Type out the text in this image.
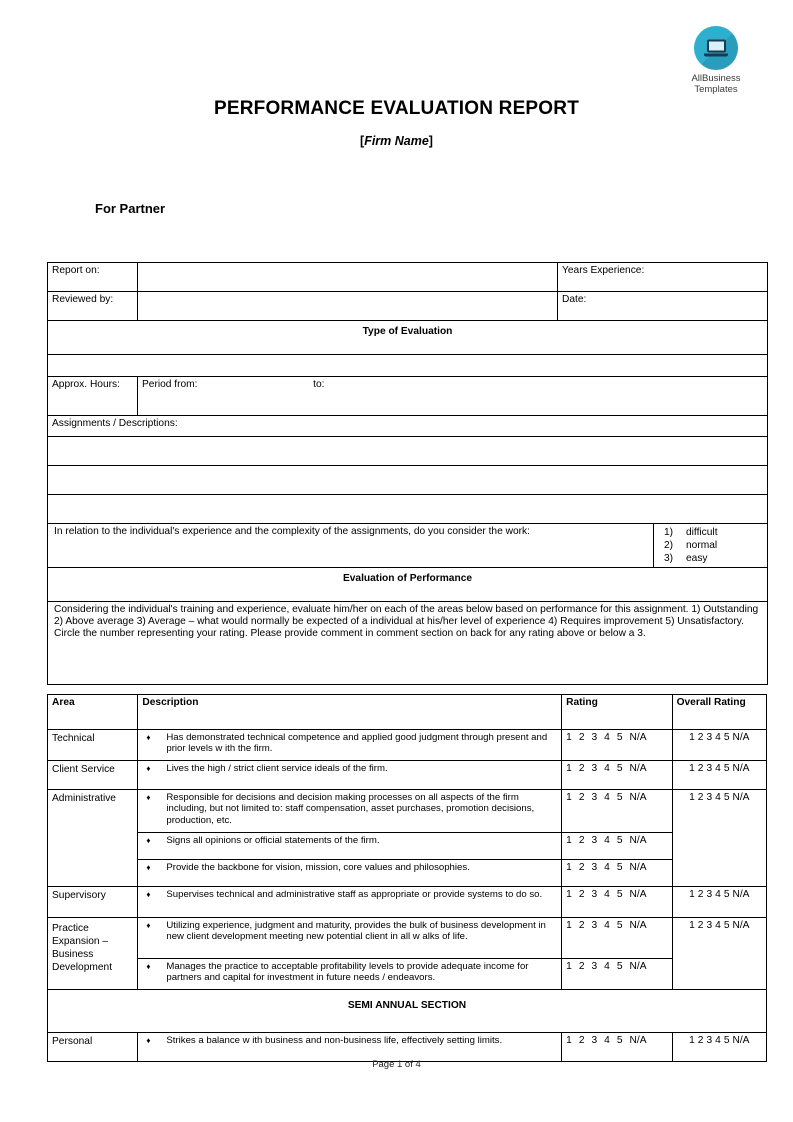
AllBusiness
Templates
PERFORMANCE EVALUATION REPORT
[Firm Name]
For Partner
Report on:		Years Experience:	
Reviewed by:		Date:	
Type of Evaluation			

Approx. Hours:	Period from: to:		
Assignments / Descriptions:			

In relation to the individual's experience and the complexity of the assignments, do you consider the work:	1) difficult
2) normal
3) easy

Evaluation of Performance			
Considering the individual's training and experience, evaluate him/her on each of the areas below based on performance for this assignment. 1) Outstanding 2) Above average 3) Average – what would normally be expected of a individual at his/her level of experience 4) Requires improvement 5) Unsatisfactory. Circle the number representing your rating. Please provide comment in comment section on back for any rating above or below a 3.			
Area	Description	Rating	Overall Rating
Technical	♦ Has demonstrated technical competence and applied good judgment through present and prior levels w ith the firm.	1 2 3 4 5 N/A	1 2 3 4 5 N/A
Client Service	♦ Lives the high / strict client service ideals of the firm.	1 2 3 4 5 N/A	1 2 3 4 5 N/A
Administrative	♦ Responsible for decisions and decision making processes on all aspects of the firm including, but not limited to: staff compensation, asset purchases, promotion decisions, production, etc.	1 2 3 4 5 N/A	1 2 3 4 5 N/A

	♦ Signs all opinions or official statements of the firm.	1 2 3 4 5 N/A	

	♦ Provide the backbone for vision, mission, core values and philosophies.	1 2 3 4 5 N/A	
Supervisory	♦ Supervises technical and administrative staff as appropriate or provide systems to do so.	1 2 3 4 5 N/A	1 2 3 4 5 N/A
Practice Expansion – Business Development	♦ Utilizing experience, judgment and maturity, provides the bulk of business development in new client development meeting new potential client in all w alks of life.	1 2 3 4 5 N/A	1 2 3 4 5 N/A

	♦ Manages the practice to acceptable profitability levels to provide adequate income for partners and capital for investment in future needs / endeavors.	1 2 3 4 5 N/A	
SEMI ANNUAL SECTION			
Personal	♦ Strikes a balance w ith business and non-business life, effectively setting limits.	1 2 3 4 5 N/A	1 2 3 4 5 N/A
Page 1 of 4
